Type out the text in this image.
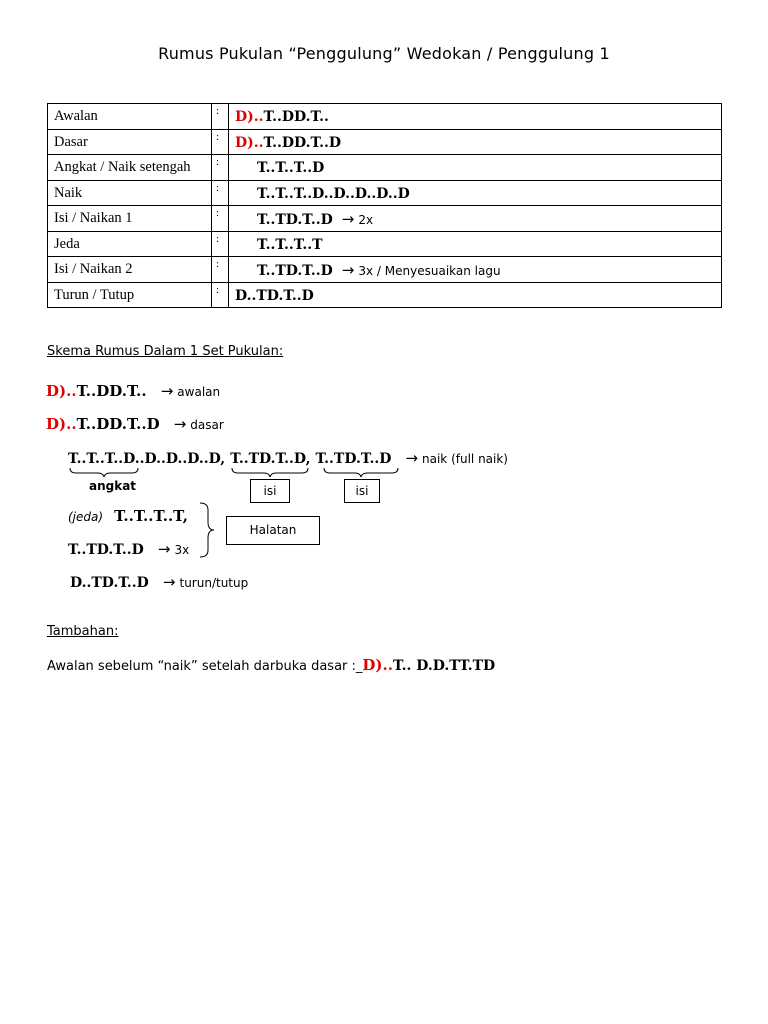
Rumus Pukulan “Penggulung” Wedokan / Penggulung 1
Awalan	:	D)..T..DD.T..
Dasar	:	D)..T..DD.T..D
Angkat / Naik setengah	:	T..T..T..D
Naik	:	T..T..T..D..D..D..D..D
Isi / Naikan 1	:	T..TD.T..D → 2x
Jeda	:	T..T..T..T
Isi / Naikan 2	:	T..TD.T..D → 3x / Menyesuaikan lagu
Turun / Tutup	:	D..TD.T..D
Skema Rumus Dalam 1 Set Pukulan:
D)..T..DD.T.. → awalan
D)..T..DD.T..D → dasar
T..T..T..D..D..D..D..D, T..TD.T..D, T..TD.T..D → naik (full naik)
angkat	isi	isi
(jeda) T..T..T..T,
Halatan
T..TD.T..D → 3x
D..TD.T..D → turun/tutup
Tambahan:
Awalan sebelum “naik” setelah darbuka dasar :_D)..T.. D.D.TT.TD
